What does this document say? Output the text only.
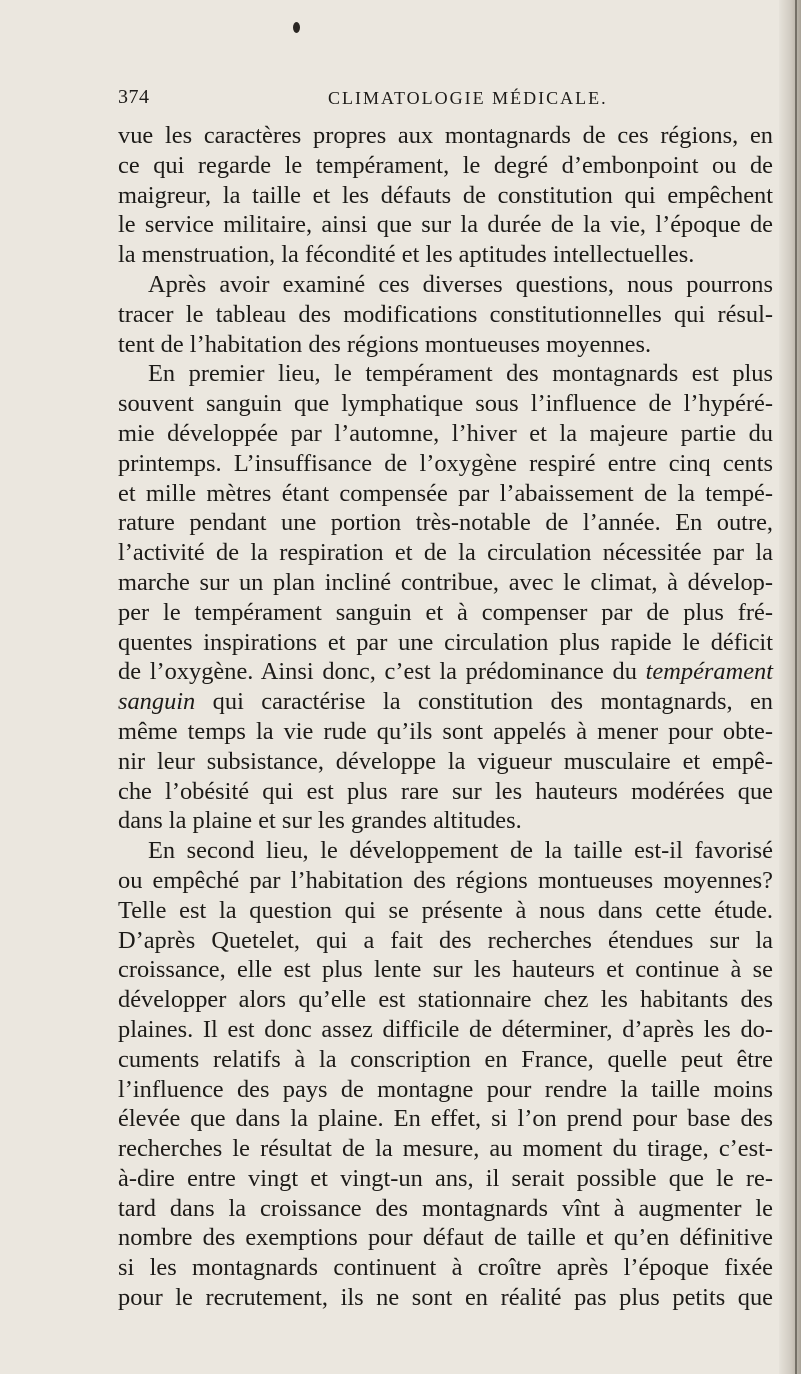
374	CLIMATOLOGIE MÉDICALE.
vue les caractères propres aux montagnards de ces régions, en
ce qui regarde le tempérament, le degré d’embonpoint ou de
maigreur, la taille et les défauts de constitution qui empêchent
le service militaire, ainsi que sur la durée de la vie, l’époque de
la menstruation, la fécondité et les aptitudes intellectuelles.
Après avoir examiné ces diverses questions, nous pourrons
tracer le tableau des modifications constitutionnelles qui résul-
tent de l’habitation des régions montueuses moyennes.
En premier lieu, le tempérament des montagnards est plus
souvent sanguin que lymphatique sous l’influence de l’hypéré-
mie développée par l’automne, l’hiver et la majeure partie du
printemps. L’insuffisance de l’oxygène respiré entre cinq cents
et mille mètres étant compensée par l’abaissement de la tempé-
rature pendant une portion très-notable de l’année. En outre,
l’activité de la respiration et de la circulation nécessitée par la
marche sur un plan incliné contribue, avec le climat, à dévelop-
per le tempérament sanguin et à compenser par de plus fré-
quentes inspirations et par une circulation plus rapide le déficit
de l’oxygène. Ainsi donc, c’est la prédominance du tempérament
sanguin qui caractérise la constitution des montagnards, en
même temps la vie rude qu’ils sont appelés à mener pour obte-
nir leur subsistance, développe la vigueur musculaire et empê-
che l’obésité qui est plus rare sur les hauteurs modérées que
dans la plaine et sur les grandes altitudes.
En second lieu, le développement de la taille est-il favorisé
ou empêché par l’habitation des régions montueuses moyennes?
Telle est la question qui se présente à nous dans cette étude.
D’après Quetelet, qui a fait des recherches étendues sur la
croissance, elle est plus lente sur les hauteurs et continue à se
développer alors qu’elle est stationnaire chez les habitants des
plaines. Il est donc assez difficile de déterminer, d’après les do-
cuments relatifs à la conscription en France, quelle peut être
l’influence des pays de montagne pour rendre la taille moins
élevée que dans la plaine. En effet, si l’on prend pour base des
recherches le résultat de la mesure, au moment du tirage, c’est-
à-dire entre vingt et vingt-un ans, il serait possible que le re-
tard dans la croissance des montagnards vînt à augmenter le
nombre des exemptions pour défaut de taille et qu’en définitive
si les montagnards continuent à croître après l’époque fixée
pour le recrutement, ils ne sont en réalité pas plus petits que
